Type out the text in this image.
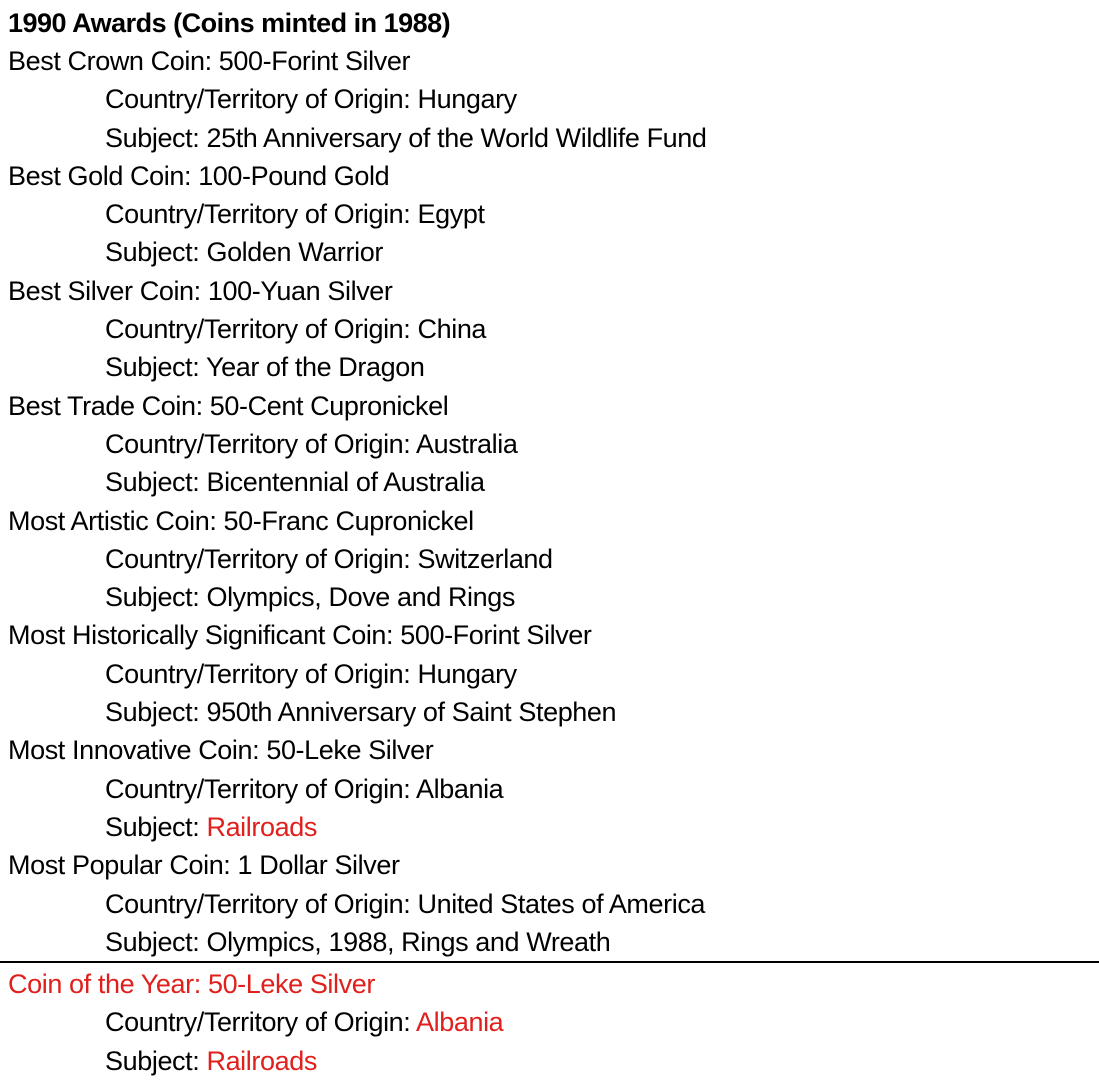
1990 Awards (Coins minted in 1988)
Best Crown Coin: 500-Forint Silver
Country/Territory of Origin: Hungary
Subject: 25th Anniversary of the World Wildlife Fund
Best Gold Coin: 100-Pound Gold
Country/Territory of Origin: Egypt
Subject: Golden Warrior
Best Silver Coin: 100-Yuan Silver
Country/Territory of Origin: China
Subject: Year of the Dragon
Best Trade Coin: 50-Cent Cupronickel
Country/Territory of Origin: Australia
Subject: Bicentennial of Australia
Most Artistic Coin: 50-Franc Cupronickel
Country/Territory of Origin: Switzerland
Subject: Olympics, Dove and Rings
Most Historically Significant Coin: 500-Forint Silver
Country/Territory of Origin: Hungary
Subject: 950th Anniversary of Saint Stephen
Most Innovative Coin: 50-Leke Silver
Country/Territory of Origin: Albania
Subject: Railroads
Most Popular Coin: 1 Dollar Silver
Country/Territory of Origin: United States of America
Subject: Olympics, 1988, Rings and Wreath
Coin of the Year: 50-Leke Silver
Country/Territory of Origin: Albania
Subject: Railroads
